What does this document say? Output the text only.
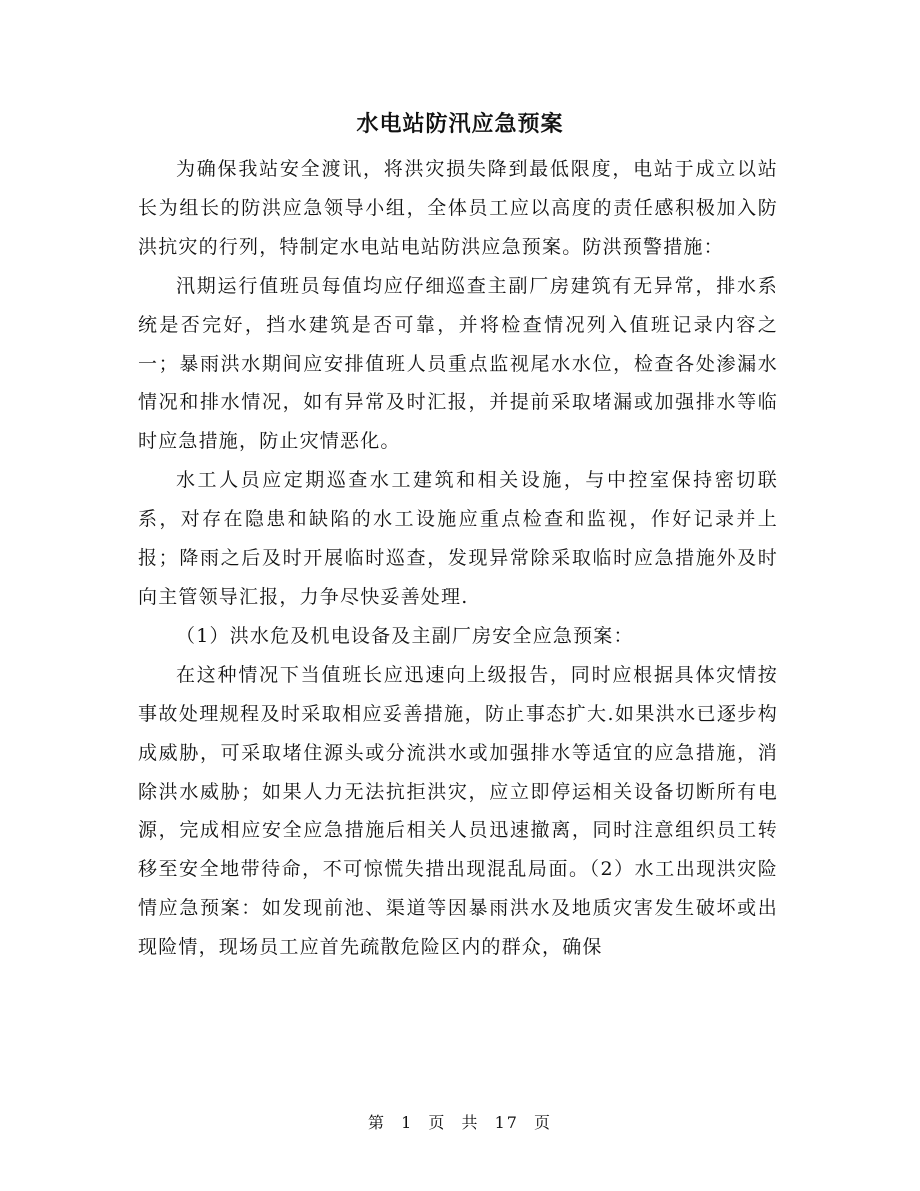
水电站防汛应急预案

为确保我站安全渡讯，将洪灾损失降到最低限度，电站于成立以站长为组长的防洪应急领导小组，全体员工应以高度的责任感积极加入防洪抗灾的行列，特制定水电站电站防洪应急预案。防洪预警措施：

汛期运行值班员每值均应仔细巡查主副厂房建筑有无异常，排水系统是否完好，挡水建筑是否可靠，并将检查情况列入值班记录内容之一；暴雨洪水期间应安排值班人员重点监视尾水水位，检查各处渗漏水情况和排水情况，如有异常及时汇报，并提前采取堵漏或加强排水等临时应急措施，防止灾情恶化。

水工人员应定期巡查水工建筑和相关设施，与中控室保持密切联系，对存在隐患和缺陷的水工设施应重点检查和监视，作好记录并上报；降雨之后及时开展临时巡查，发现异常除采取临时应急措施外及时向主管领导汇报，力争尽快妥善处理.

（1）洪水危及机电设备及主副厂房安全应急预案：

在这种情况下当值班长应迅速向上级报告，同时应根据具体灾情按事故处理规程及时采取相应妥善措施，防止事态扩大.如果洪水已逐步构成威胁，可采取堵住源头或分流洪水或加强排水等适宜的应急措施，消除洪水威胁；如果人力无法抗拒洪灾，应立即停运相关设备切断所有电源，完成相应安全应急措施后相关人员迅速撤离，同时注意组织员工转移至安全地带待命，不可惊慌失措出现混乱局面。（2）水工出现洪灾险情应急预案：如发现前池、渠道等因暴雨洪水及地质灾害发生破坏或出现险情，现场员工应首先疏散危险区内的群众，确保

第 1 页 共 17 页
